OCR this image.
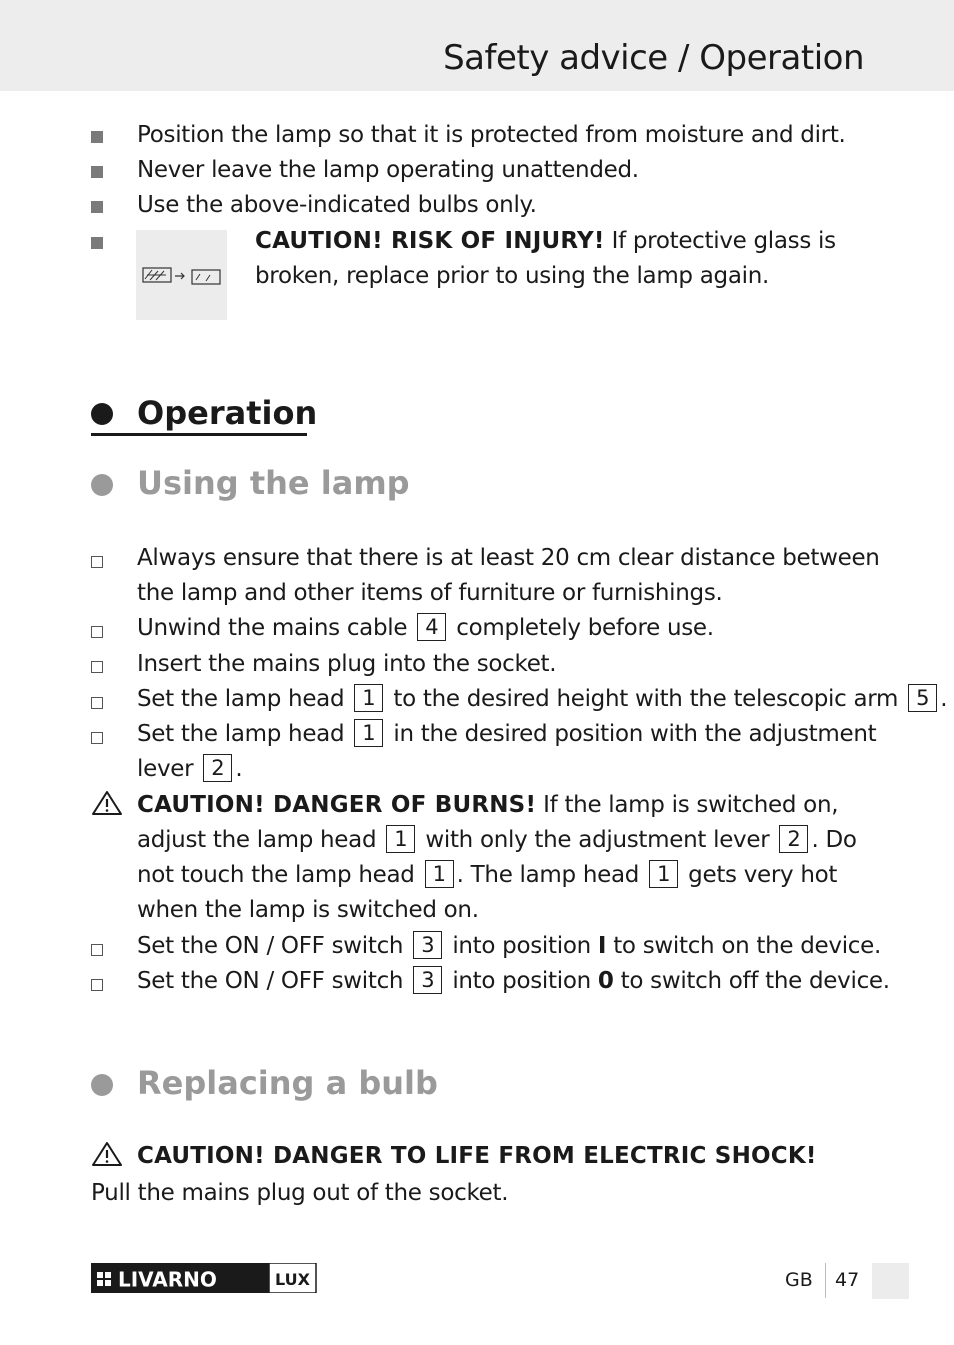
Safety advice / Operation
Position the lamp so that it is protected from moisture and dirt.
Never leave the lamp operating unattended.
Use the above-indicated bulbs only.
CAUTION! RISK OF INJURY! If protective glass is
broken, replace prior to using the lamp again.
Operation
Using the lamp
Always ensure that there is at least 20 cm clear distance between
the lamp and other items of furniture or furnishings.
Unwind the mains cable 4 completely before use.
Insert the mains plug into the socket.
Set the lamp head 1 to the desired height with the telescopic arm 5 .
Set the lamp head 1 in the desired position with the adjustment
lever 2 .
CAUTION! DANGER OF BURNS! If the lamp is switched on,
adjust the lamp head 1 with only the adjustment lever 2 . Do
not touch the lamp head 1 . The lamp head 1 gets very hot
when the lamp is switched on.
Set the ON / OFF switch 3 into position I to switch on the device.
Set the ON / OFF switch 3 into position 0 to switch off the device.
Replacing a bulb
CAUTION! DANGER TO LIFE FROM ELECTRIC SHOCK!
Pull the mains plug out of the socket.
LIVARNO	LUX	GB 47
